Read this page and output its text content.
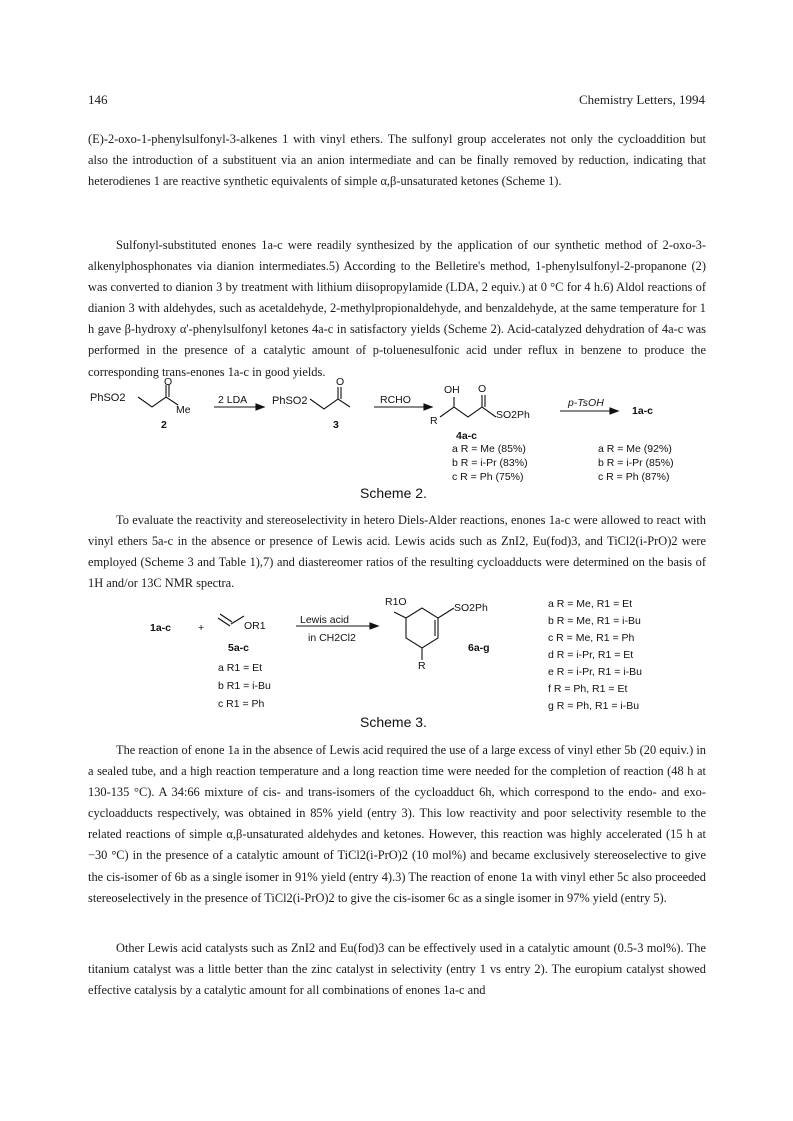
146	Chemistry Letters, 1994

(E)-2-oxo-1-phenylsulfonyl-3-alkenes 1 with vinyl ethers. The sulfonyl group accelerates not only the cycloaddition but also the introduction of a substituent via an anion intermediate and can be finally removed by reduction, indicating that heterodienes 1 are reactive synthetic equivalents of simple α,β-unsaturated ketones (Scheme 1).

Sulfonyl-substituted enones 1a-c were readily synthesized by the application of our synthetic method of 2-oxo-3-alkenylphosphonates via dianion intermediates.5) According to the Belletire's method, 1-phenylsulfonyl-2-propanone (2) was converted to dianion 3 by treatment with lithium diisopropylamide (LDA, 2 equiv.) at 0 °C for 4 h.6) Aldol reactions of dianion 3 with aldehydes, such as acetaldehyde, 2-methylpropionaldehyde, and benzaldehyde, at the same temperature for 1 h gave β-hydroxy α'-phenylsulfonyl ketones 4a-c in satisfactory yields (Scheme 2). Acid-catalyzed dehydration of 4a-c was performed in the presence of a catalytic amount of p-toluenesulfonic acid under reflux in benzene to produce the corresponding trans-enones 1a-c in good yields.

O
PhSO2
Me
2
2 LDA
O
PhSO2
3
RCHO
OH O
R	SO2Ph
4a-c
p-TsOH
1a-c
a R = Me (85%)
b R = i-Pr (83%)
c R = Ph (75%)
a R = Me (92%)
b R = i-Pr (85%)
c R = Ph (87%)
Scheme 2.

To evaluate the reactivity and stereoselectivity in hetero Diels-Alder reactions, enones 1a-c were allowed to react with vinyl ethers 5a-c in the absence or presence of Lewis acid. Lewis acids such as ZnI2, Eu(fod)3, and TiCl2(i-PrO)2 were employed (Scheme 3 and Table 1),7) and diastereomer ratios of the resulting cycloadducts were determined on the basis of 1H and/or 13C NMR spectra.

1a-c	+	OR1
5a-c
a R1 = Et
b R1 = i-Bu
c R1 = Ph
Lewis acid
in CH2Cl2
R1O	SO2Ph
6a-g
R
a R = Me, R1 = Et
b R = Me, R1 = i-Bu
c R = Me, R1 = Ph
d R = i-Pr, R1 = Et
e R = i-Pr, R1 = i-Bu
f R = Ph, R1 = Et
g R = Ph, R1 = i-Bu
Scheme 3.

The reaction of enone 1a in the absence of Lewis acid required the use of a large excess of vinyl ether 5b (20 equiv.) in a sealed tube, and a high reaction temperature and a long reaction time were needed for the completion of reaction (48 h at 130-135 °C). A 34:66 mixture of cis- and trans-isomers of the cycloadduct 6h, which correspond to the endo- and exo-cycloadducts respectively, was obtained in 85% yield (entry 3). This low reactivity and poor selectivity resemble to the related reactions of simple α,β-unsaturated aldehydes and ketones. However, this reaction was highly accelerated (15 h at −30 °C) in the presence of a catalytic amount of TiCl2(i-PrO)2 (10 mol%) and became exclusively stereoselective to give the cis-isomer of 6b as a single isomer in 91% yield (entry 4).3) The reaction of enone 1a with vinyl ether 5c also proceeded stereoselectively in the presence of TiCl2(i-PrO)2 to give the cis-isomer 6c as a single isomer in 97% yield (entry 5).

Other Lewis acid catalysts such as ZnI2 and Eu(fod)3 can be effectively used in a catalytic amount (0.5-3 mol%). The titanium catalyst was a little better than the zinc catalyst in selectivity (entry 1 vs entry 2). The europium catalyst showed effective catalysis by a catalytic amount for all combinations of enones 1a-c and
